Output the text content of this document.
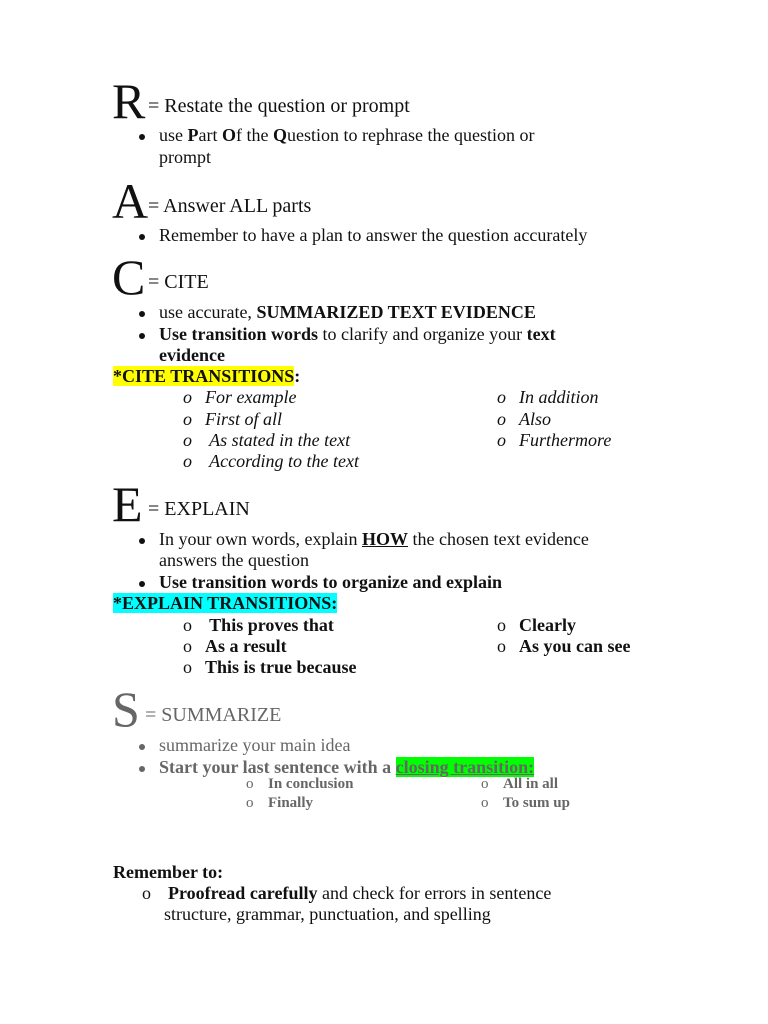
R = Restate the question or prompt
use Part Of the Question to rephrase the question or
prompt
A = Answer ALL parts
Remember to have a plan to answer the question accurately
C = CITE
use accurate, SUMMARIZED TEXT EVIDENCE
Use transition words to clarify and organize your text
evidence
*CITE TRANSITIONS:
o For example
o First of all
o As stated in the text
o According to the text
o In addition
o Also
o Furthermore
E = EXPLAIN
In your own words, explain HOW the chosen text evidence
answers the question
Use transition words to organize and explain
*EXPLAIN TRANSITIONS:
o This proves that
o As a result
o This is true because
o Clearly
o As you can see
S = SUMMARIZE
summarize your main idea
Start your last sentence with a closing transition:
o In conclusion
o Finally
o All in all
o To sum up
Remember to:
o Proofread carefully and check for errors in sentence
structure, grammar, punctuation, and spelling
